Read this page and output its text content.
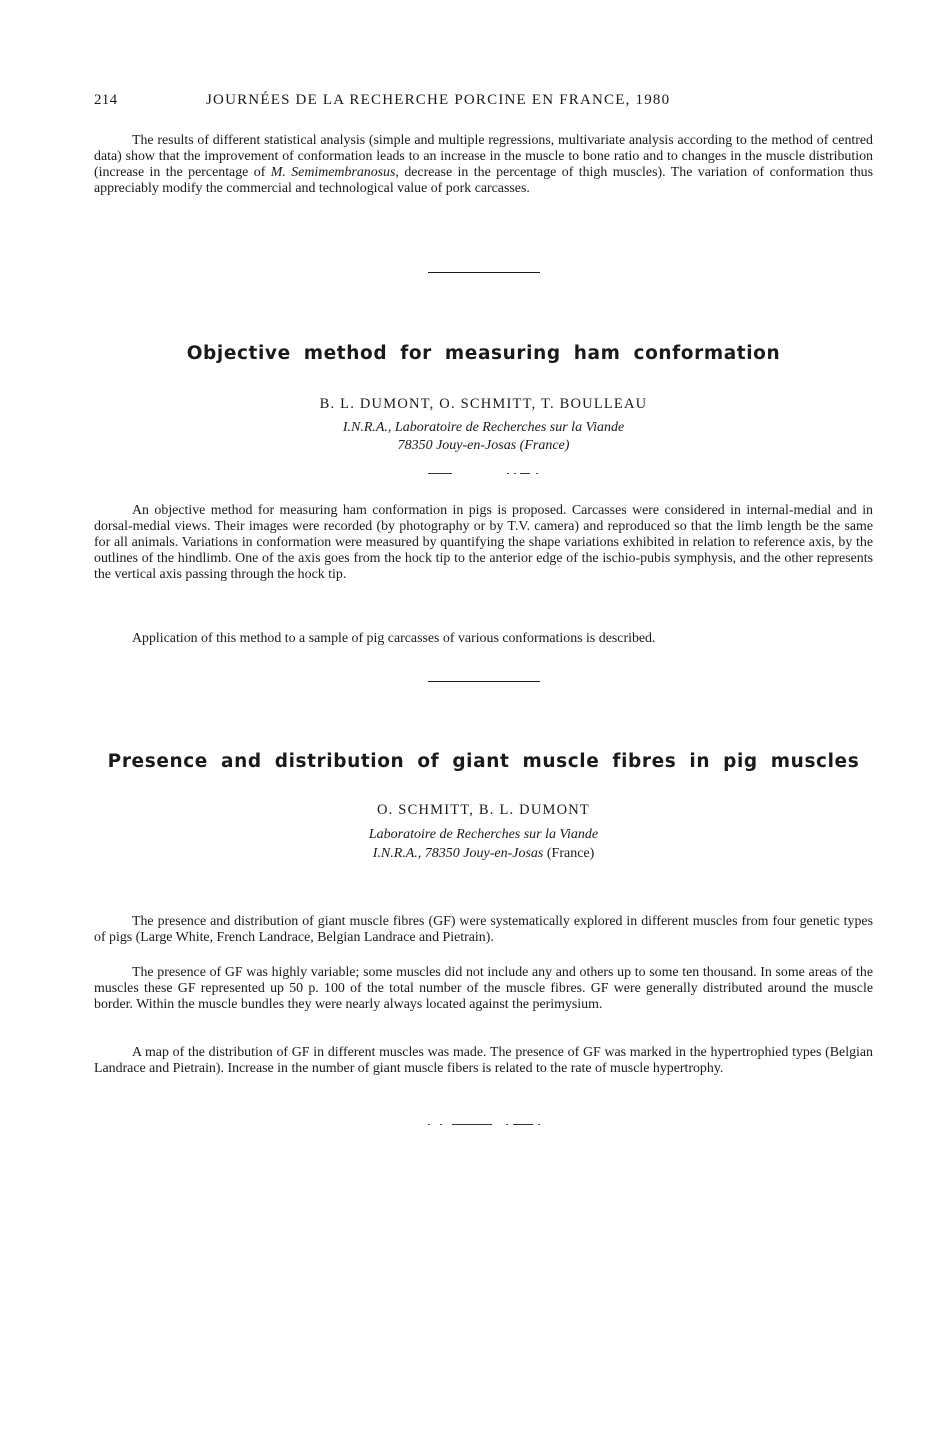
214	JOURNÉES DE LA RECHERCHE PORCINE EN FRANCE, 1980

The results of different statistical analysis (simple and multiple regressions, multivariate analysis according to the method of centred data) show that the improvement of conformation leads to an increase in the muscle to bone ratio and to changes in the muscle distribution (increase in the percentage of M. Semimembranosus, decrease in the percentage of thigh muscles). The variation of conformation thus appreciably modify the commercial and technological value of pork carcasses.

Objective method for measuring ham conformation

B. L. DUMONT, O. SCHMITT, T. BOULLEAU

I.N.R.A., Laboratoire de Recherches sur la Viande

78350 Jouy-en-Josas (France)

An objective method for measuring ham conformation in pigs is proposed. Carcasses were considered in internal-medial and in dorsal-medial views. Their images were recorded (by photography or by T.V. camera) and reproduced so that the limb length be the same for all animals. Variations in conformation were measured by quantifying the shape variations exhibited in relation to reference axis, by the outlines of the hindlimb. One of the axis goes from the hock tip to the anterior edge of the ischio-pubis symphysis, and the other represents the vertical axis passing through the hock tip.

Application of this method to a sample of pig carcasses of various conformations is described.

Presence and distribution of giant muscle fibres in pig muscles

O. SCHMITT, B. L. DUMONT

Laboratoire de Recherches sur la Viande

I.N.R.A., 78350 Jouy-en-Josas (France)

The presence and distribution of giant muscle fibres (GF) were systematically explored in different muscles from four genetic types of pigs (Large White, French Landrace, Belgian Landrace and Pietrain).

The presence of GF was highly variable; some muscles did not include any and others up to some ten thousand. In some areas of the muscles these GF represented up 50 p. 100 of the total number of the muscle fibres. GF were generally distributed around the muscle border. Within the muscle bundles they were nearly always located against the perimysium.

A map of the distribution of GF in different muscles was made. The presence of GF was marked in the hypertrophied types (Belgian Landrace and Pietrain). Increase in the number of giant muscle fibers is related to the rate of muscle hypertrophy.
